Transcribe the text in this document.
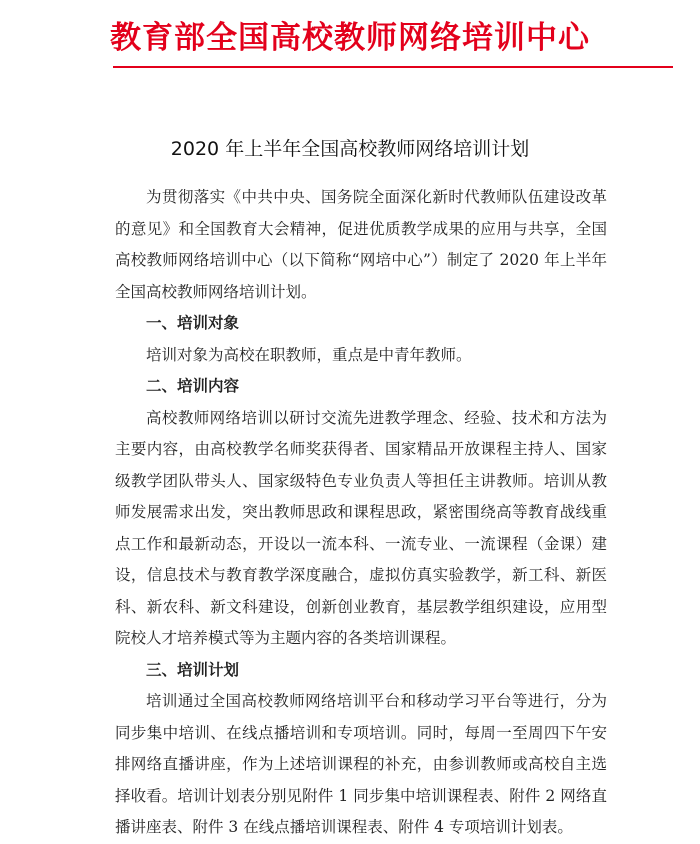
教育部全国高校教师网络培训中心
2020 年上半年全国高校教师网络培训计划

为贯彻落实《中共中央、国务院全面深化新时代教师队伍建设改革的意见》和全国教育大会精神，促进优质教学成果的应用与共享，全国高校教师网络培训中心（以下简称“网培中心”）制定了 2020 年上半年全国高校教师网络培训计划。

一、培训对象

培训对象为高校在职教师，重点是中青年教师。

二、培训内容

高校教师网络培训以研讨交流先进教学理念、经验、技术和方法为主要内容，由高校教学名师奖获得者、国家精品开放课程主持人、国家级教学团队带头人、国家级特色专业负责人等担任主讲教师。培训从教师发展需求出发，突出教师思政和课程思政，紧密围绕高等教育战线重点工作和最新动态，开设以一流本科、一流专业、一流课程（金课）建设，信息技术与教育教学深度融合，虚拟仿真实验教学，新工科、新医科、新农科、新文科建设，创新创业教育，基层教学组织建设，应用型院校人才培养模式等为主题内容的各类培训课程。

三、培训计划

培训通过全国高校教师网络培训平台和移动学习平台等进行，分为同步集中培训、在线点播培训和专项培训。同时，每周一至周四下午安排网络直播讲座，作为上述培训课程的补充，由参训教师或高校自主选择收看。培训计划表分别见附件 1 同步集中培训课程表、附件 2 网络直播讲座表、附件 3 在线点播培训课程表、附件 4 专项培训计划表。
